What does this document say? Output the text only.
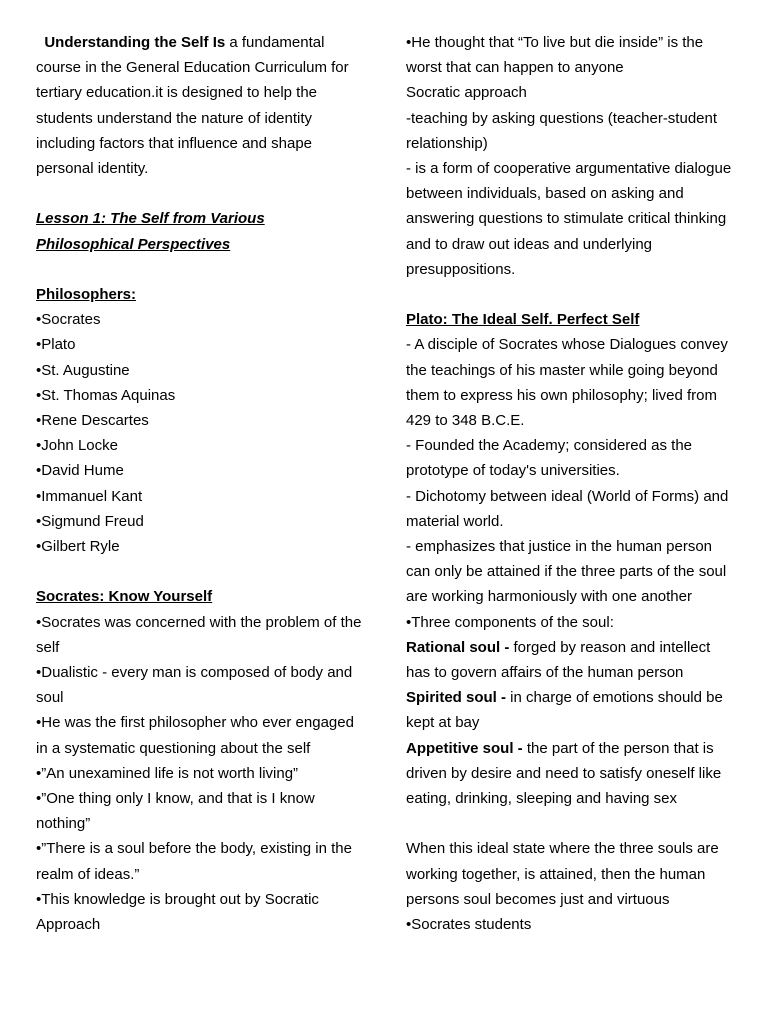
Understanding the Self Is a fundamental course in the General Education Curriculum for tertiary education.it is designed to help the students understand the nature of identity including factors that influence and shape personal identity.

Lesson 1: The Self from Various Philosophical Perspectives

Philosophers:

•Socrates

•Plato

•St. Augustine

•St. Thomas Aquinas

•Rene Descartes

•John Locke

•David Hume

•Immanuel Kant

•Sigmund Freud

•Gilbert Ryle

Socrates: Know Yourself

•Socrates was concerned with the problem of the self

•Dualistic - every man is composed of body and soul

•He was the first philosopher who ever engaged in a systematic questioning about the self

•”An unexamined life is not worth living”

•”One thing only I know, and that is I know nothing”

•”There is a soul before the body, existing in the realm of ideas.”

•This knowledge is brought out by Socratic Approach

•He thought that “To live but die inside” is the worst that can happen to anyone

Socratic approach

-teaching by asking questions (teacher-student relationship)

- is a form of cooperative argumentative dialogue between individuals, based on asking and answering questions to stimulate critical thinking and to draw out ideas and underlying presuppositions.

Plato: The Ideal Self. Perfect Self

- A disciple of Socrates whose Dialogues convey the teachings of his master while going beyond them to express his own philosophy; lived from 429 to 348 B.C.E.

- Founded the Academy; considered as the prototype of today's universities.

- Dichotomy between ideal (World of Forms) and material world.

- emphasizes that justice in the human person can only be attained if the three parts of the soul are working harmoniously with one another

•Three components of the soul:

Rational soul - forged by reason and intellect has to govern affairs of the human person

Spirited soul - in charge of emotions should be kept at bay

Appetitive soul - the part of the person that is driven by desire and need to satisfy oneself like eating, drinking, sleeping and having sex

When this ideal state where the three souls are working together, is attained, then the human persons soul becomes just and virtuous

•Socrates students
